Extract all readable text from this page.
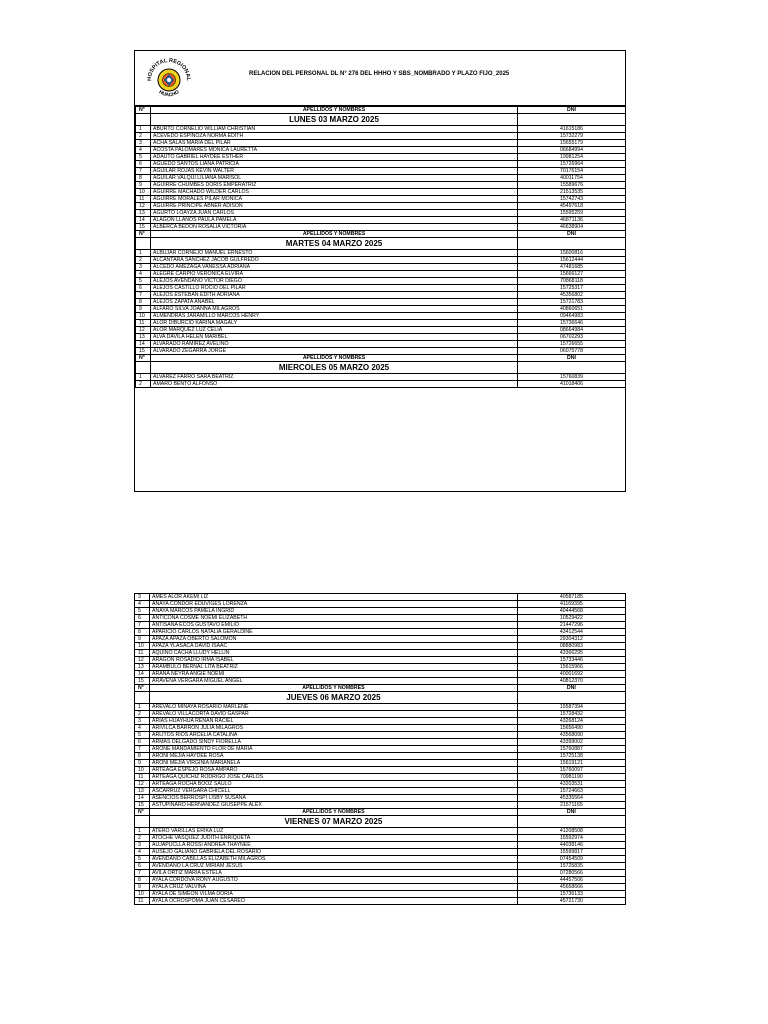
HOSPITAL REGIONAL
HUACHO
RELACION DEL PERSONAL DL N° 276 DEL HHHO Y SBS_NOMBRADO Y PLAZO FIJO_2025
N°	APELLIDOS Y NOMBRES	DNI
	LUNES 03 MARZO 2025	
1	ABURTO CORNELIO WILLIAM CHRISTIAN	41615186
2	ACEVEDO ESPINOZA NORMA EDITH	15732279
3	ACHA SALAS MARIA DEL PILAR	15655179
4	ACOSTA PALOMARES MONICA LAURETTA	06684994
5	ADAUTO GABRIEL HAYDEE ESTHER	19981254
6	AGUEDO SANTOS LIANA PATRICIA	15726964
7	AGUILAR ROJAS KEVIN WALTER	70176154
8	AGUILAR VALQUI LILIANA MARISOL	40011754
9	AGUIRRE CHUMBES DORIS EMPERATRIZ	15589676
10	AGUIRRE MACHADO WILDER CARLOS	21513535
11	AGUIRRE MORALES PILAR MONICA	15742743
12	AGUIRRE PRINCIPE ABNER ADISON	45497618
13	AGURTO LOAYZA JUAN CARLOS	15595259
14	ALAGON LLANOS PAULA PAMELA	46871136
15	ALBERCA BEDON ROSALIA VICTORIA	46638904
N°	APELLIDOS Y NOMBRES	DNI
	MARTES 04 MARZO 2025	
1	ALBUJAR CORNEJO MANUEL ERNESTO	15600816
2	ALCANTARA SANCHEZ JACOB GULFREDO	15612444
3	ALCEDO AMEZAGA VANESSA ADRIANA	47481685
4	ALEGRE CARPIO VERONICA ELVIRA	15666127
5	ALEJOS AVENDAÑO VICTOR DIEGO	70868118
6	ALEJOS CASTILLO ROCIO DEL PILAR	15725317
7	ALEJOS ESTEBAN EDITH ADRIANA	45356802
8	ALEJOS ZAPATA ANABEL	15721783
9	ALFARO SILVA JOANNA MILAGROS	40860651
10	ALMENDRAS JARAMILLO MARCOS HENRY	09464983
11	ALOR DIBURCIO KARINA MAGALY	15736646
12	ALOR MARQUEZ LUZ CELIA	08664984
13	ALVA DAVILA HELEN MARIBEL	06702293
14	ALVARADO RAMIREZ AVELINO	15726655
15	ALVARADO ZEGARRA JORGE	06075778
N°	APELLIDOS Y NOMBRES	DNI
	MIERCOLES 05 MARZO 2025	
1	ALVAREZ FARRO SARA BEATRIZ	15760839
2	AMARO BENTO ALFONSO	41018406
3	AMES ALOR AKEMI LIZ	40587185
4	ANAYA CONDOR EDUVIGES LORENZA	41169395
5	ANAYA MARCOS PAMELA INGRID	40444568
6	ANTICONA COSME NOEMI ELIZABETH	10529422
7	ANTISANA ECOS GUSTAVO EMILIO	21447296
8	APARICIO CARLOS NATALIA GERALDINE	43412544
9	APAZA APAZA OBERTO SALOMON	29304312
10	APAZA YLASACA DAVID ISAAC	08880983
11	AQUINO CACHA LLUDY HELLIN	43366295
12	ARAGON ROSADIO IRMA ISABEL	15733446
13	ARAMBULO BERNAL LITA BEATRIZ	15615966
14	ARANA NEYRA ANGIE NOEMI	40001692
15	ARAVEÑA VERGARA MIGUEL ANGEL	40812370
N°	APELLIDOS Y NOMBRES	DNI
	JUEVES 06 MARZO 2025	
1	AREVALO MINAYA ROSARIO MARLENE	15587394
2	AREVALO VILLACORTA DAVID GASPAR	15728432
3	ARIAS HUAYHUA RENAN RACIEL	43268124
4	ARIVILCA BARRON JULIA MILAGROS	15656490
5	ARLITOS RIOS ARCELIA CATALINA	43568090
6	ARMAS DELGADO SINDY FIORELLA	43399002
7	ARONE MANDAMIENTO FLOR DE MARIA	15760887
8	ARONI MEJIA HAYDEE ROSA	15725138
9	ARONI MEJIA VIRGINIA MARIANELA	15619121
10	ARTEAGA ESPEJO ROSA AMPARO	15760097
11	ARTEAGA QUICHIZ RODRIGO JOSE CARLOS	70981190
12	ARTEAGA ROCHA BOOZ SAULO	43203531
13	ASCARRUZ VERGARA CHICELL	15724663
14	ASENCIOS BERROSPI LISBY SUSANA	45335564
15	ASTUPINARO HERNANDEZ GIUSEPPE ALEX	21571165
N°	APELLIDOS Y NOMBRES	DNI
	VIERNES 07 MARZO 2025	
1	ATERO VARILLAS ERIKA LUZ	41208508
2	ATOCHE VASQUEZ JUDITH ENRIQUETA	15592974
3	AUJAPUCLLA ROSSI ANDREA THAYNEE	44038146
4	AUSEJO GALIANO GABRIELA DEL ROSARIO	15599817
5	AVENDANO CABILLAS ELIZABETH MILAGROS	07454509
6	AVENDAÑO LA CRUZ MIRIAM JESUS	15725835
7	AVILA ORTIZ MARIA ESTELA	07280566
8	AYALA CORDOVA RONY AUGUSTO	44457506
9	AYALA CRUZ VALVINA	45668666
10	AYALA DE SIMEON VILMA DORIA	15736133
11	AYALA OCROSPOMA JUAN CESAREO	45721730
